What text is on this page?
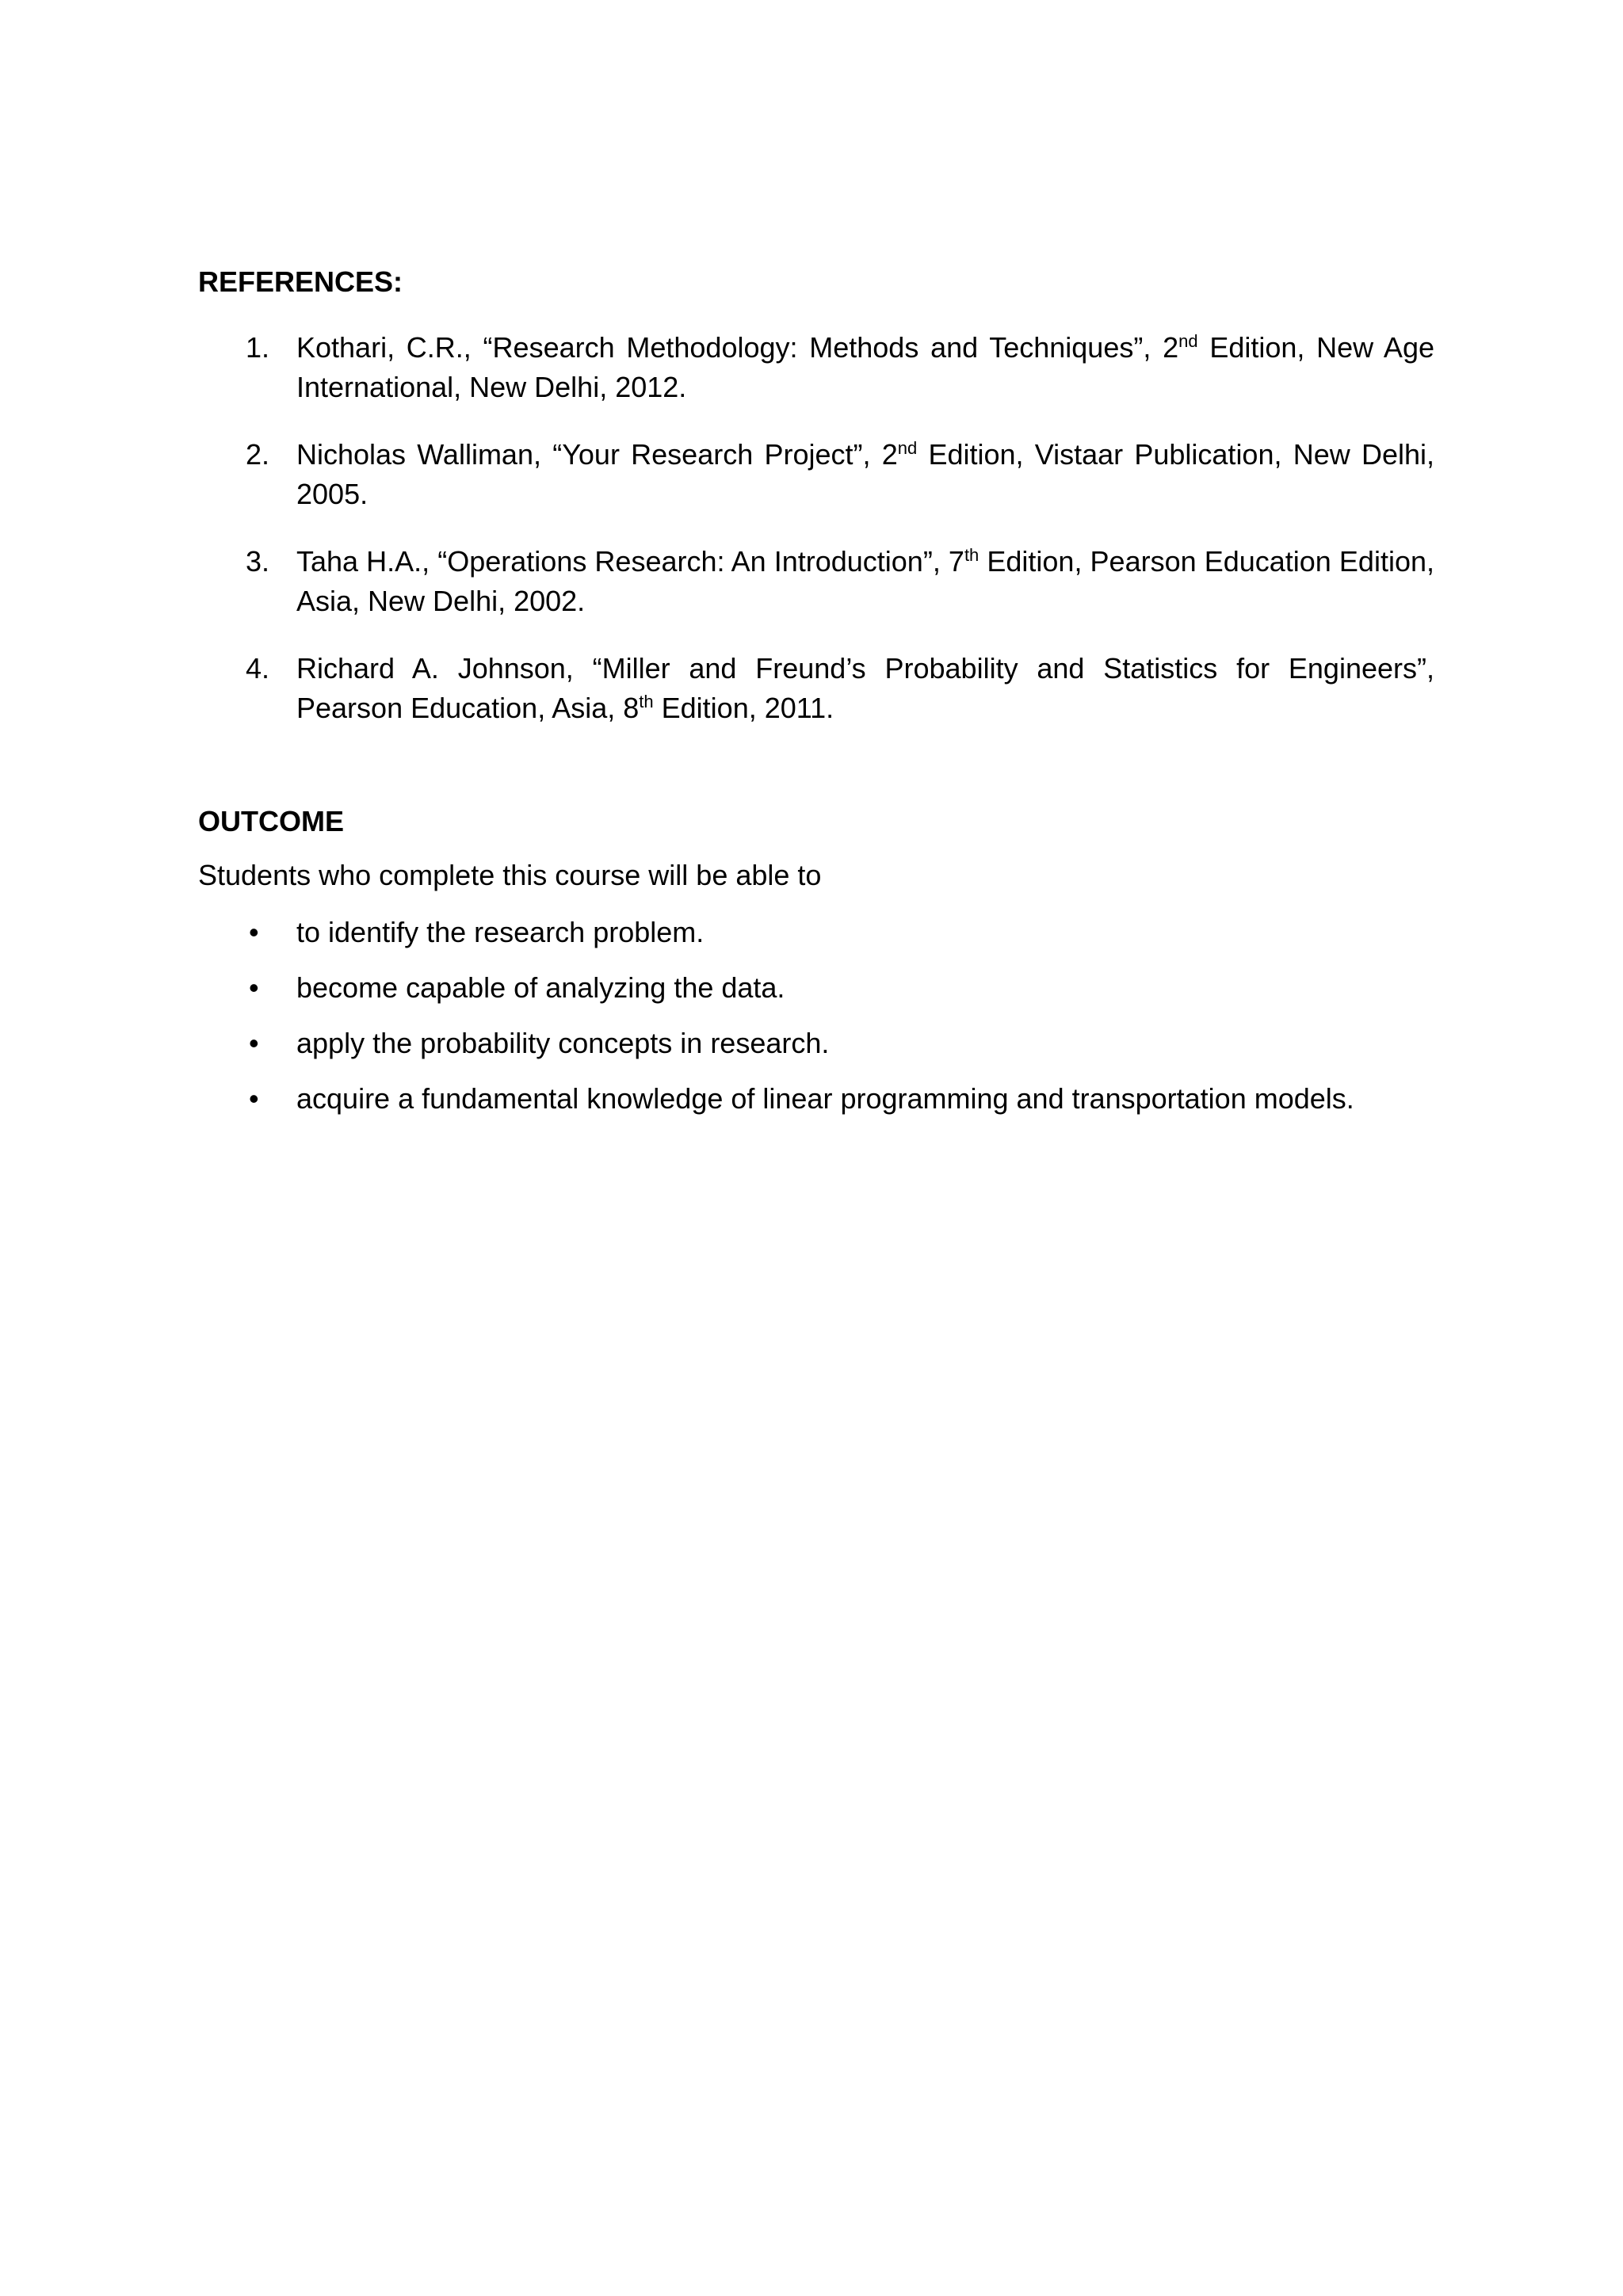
REFERENCES:
1. Kothari, C.R., “Research Methodology: Methods and Techniques”, 2nd Edition, New Age International, New Delhi, 2012.
2. Nicholas Walliman, “Your Research Project”, 2nd Edition, Vistaar Publication, New Delhi, 2005.
3. Taha H.A., “Operations Research: An Introduction”, 7th Edition, Pearson Education Edition, Asia, New Delhi, 2002.
4. Richard A. Johnson, “Miller and Freund’s Probability and Statistics for Engineers”, Pearson Education, Asia, 8th Edition, 2011.
OUTCOME

Students who complete this course will be able to

• to identify the research problem.
• become capable of analyzing the data.
• apply the probability concepts in research.
• acquire a fundamental knowledge of linear programming and transportation models.
